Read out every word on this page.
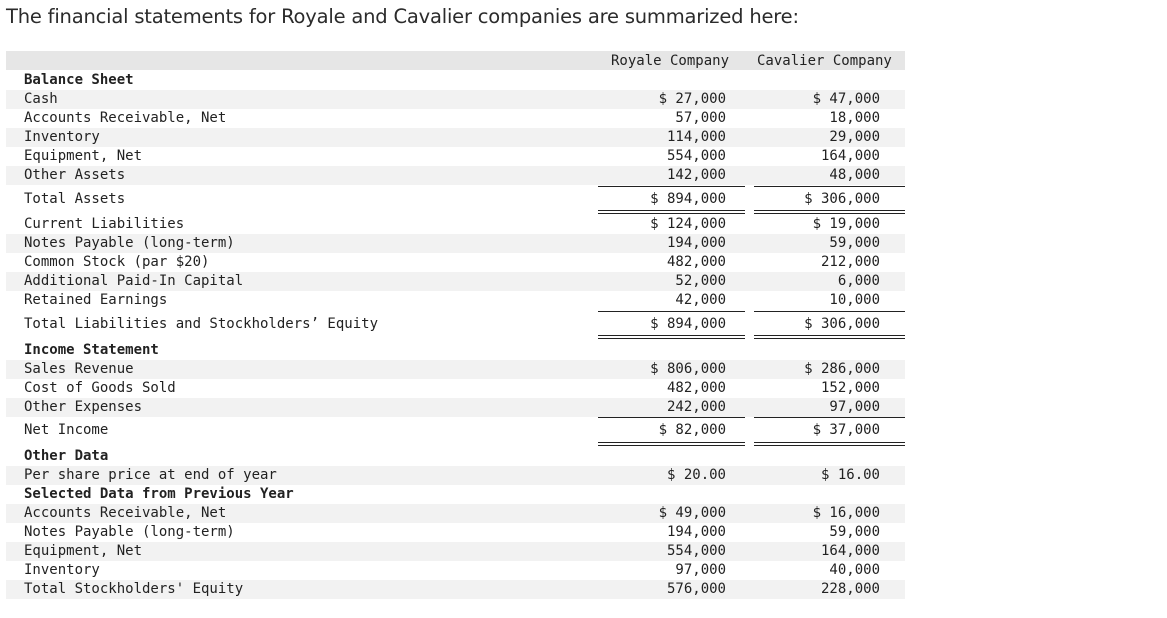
The financial statements for Royale and Cavalier companies are summarized here:
Royale Company Cavalier Company
Balance Sheet
Cash	$ 27,000	$ 47,000
Accounts Receivable, Net	57,000	18,000
Inventory	114,000	29,000
Equipment, Net	554,000	164,000
Other Assets	142,000	48,000
Total Assets	$ 894,000	$ 306,000
Current Liabilities	$ 124,000	$ 19,000
Notes Payable (long-term)	194,000	59,000
Common Stock (par $20)	482,000	212,000
Additional Paid-In Capital	52,000	6,000
Retained Earnings	42,000	10,000
Total Liabilities and Stockholders’ Equity	$ 894,000	$ 306,000
Income Statement
Sales Revenue	$ 806,000	$ 286,000
Cost of Goods Sold	482,000	152,000
Other Expenses	242,000	97,000
Net Income	$ 82,000	$ 37,000
Other Data
Per share price at end of year	$ 20.00	$ 16.00
Selected Data from Previous Year
Accounts Receivable, Net	$ 49,000	$ 16,000
Notes Payable (long-term)	194,000	59,000
Equipment, Net	554,000	164,000
Inventory	97,000	40,000
Total Stockholders' Equity	576,000	228,000
